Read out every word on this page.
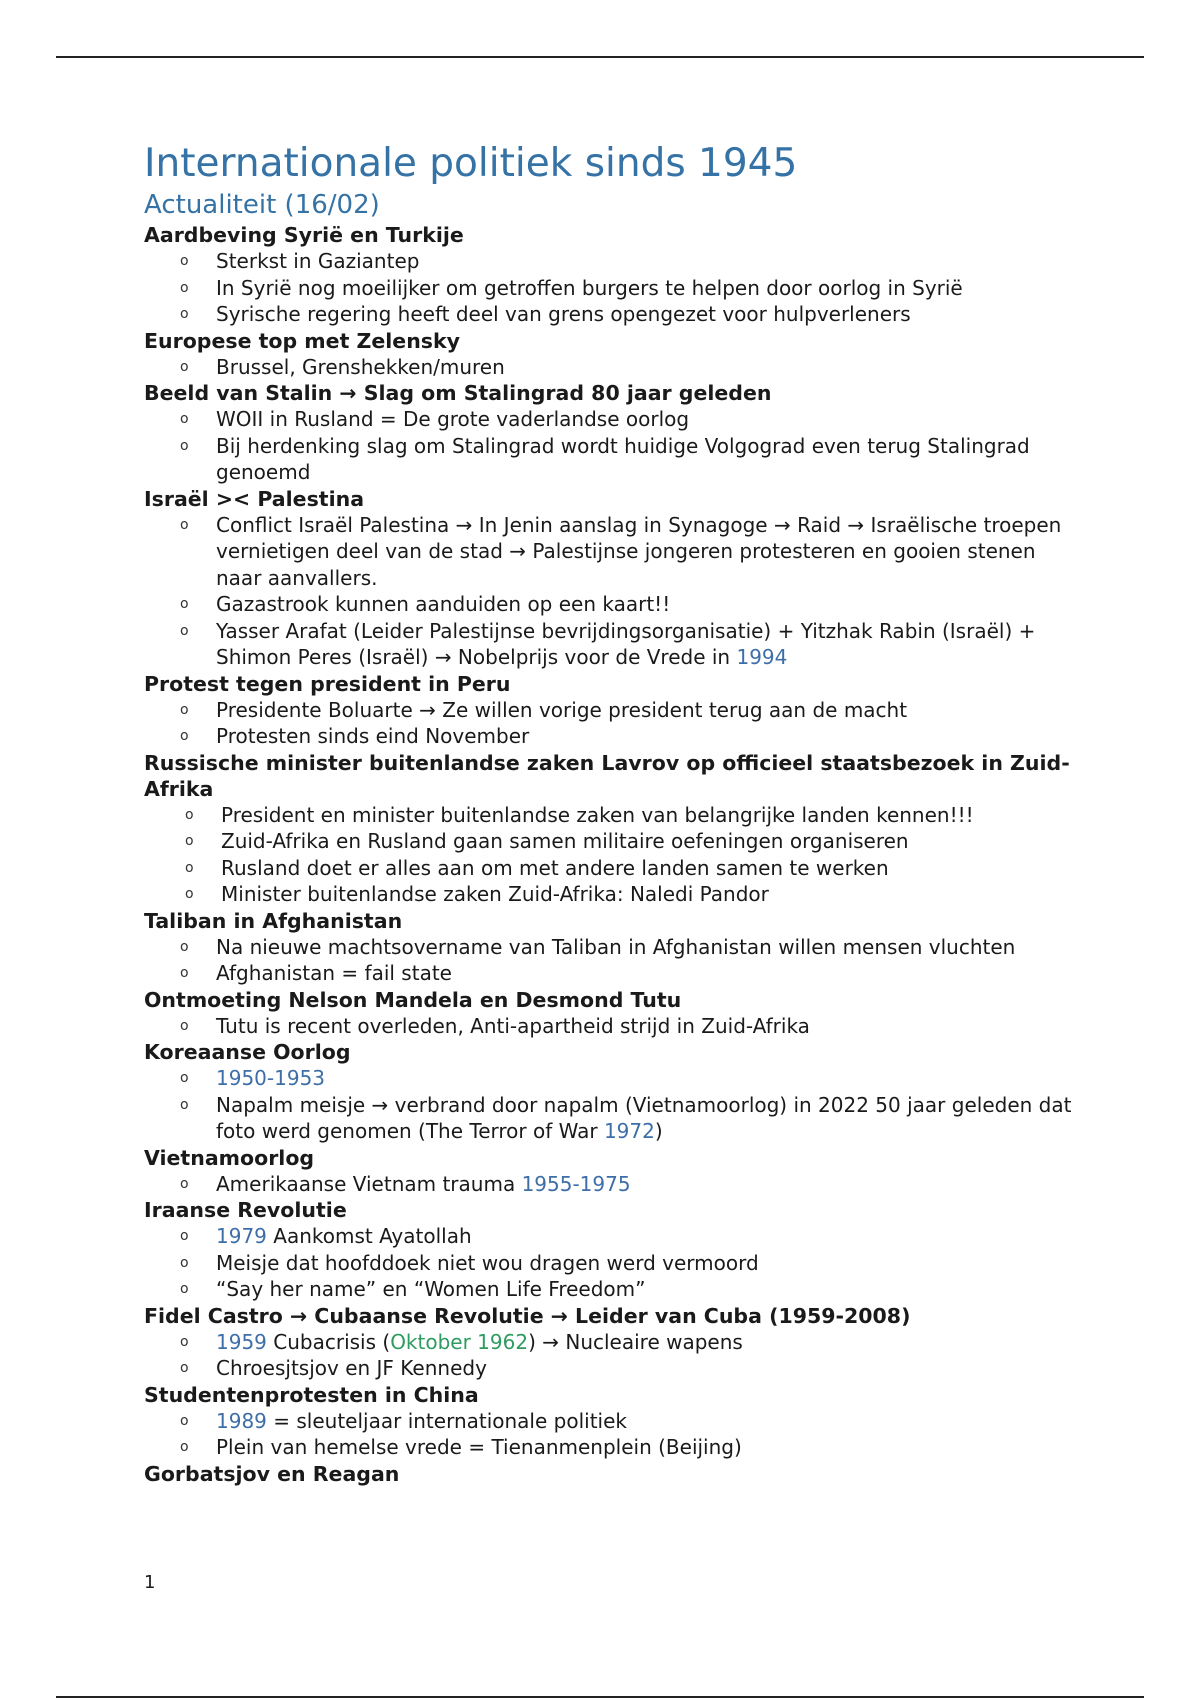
Internationale politiek sinds 1945
Actualiteit (16/02)
Aardbeving Syrië en Turkije
o Sterkst in Gaziantep
o In Syrië nog moeilijker om getroffen burgers te helpen door oorlog in Syrië
o Syrische regering heeft deel van grens opengezet voor hulpverleners
Europese top met Zelensky
o Brussel, Grenshekken/muren
Beeld van Stalin → Slag om Stalingrad 80 jaar geleden
o WOII in Rusland = De grote vaderlandse oorlog
o Bij herdenking slag om Stalingrad wordt huidige Volgograd even terug Stalingrad genoemd
Israël >< Palestina
o Conflict Israël Palestina → In Jenin aanslag in Synagoge → Raid → Israëlische troepen vernietigen deel van de stad → Palestijnse jongeren protesteren en gooien stenen naar aanvallers.
o Gazastrook kunnen aanduiden op een kaart!!
o Yasser Arafat (Leider Palestijnse bevrijdingsorganisatie) + Yitzhak Rabin (Israël) + Shimon Peres (Israël) → Nobelprijs voor de Vrede in 1994
Protest tegen president in Peru
o Presidente Boluarte → Ze willen vorige president terug aan de macht
o Protesten sinds eind November
Russische minister buitenlandse zaken Lavrov op officieel staatsbezoek in Zuid-Afrika
o President en minister buitenlandse zaken van belangrijke landen kennen!!!
o Zuid-Afrika en Rusland gaan samen militaire oefeningen organiseren
o Rusland doet er alles aan om met andere landen samen te werken
o Minister buitenlandse zaken Zuid-Afrika: Naledi Pandor
Taliban in Afghanistan
o Na nieuwe machtsovername van Taliban in Afghanistan willen mensen vluchten
o Afghanistan = fail state
Ontmoeting Nelson Mandela en Desmond Tutu
o Tutu is recent overleden, Anti-apartheid strijd in Zuid-Afrika
Koreaanse Oorlog
o 1950-1953
o Napalm meisje → verbrand door napalm (Vietnamoorlog) in 2022 50 jaar geleden dat foto werd genomen (The Terror of War 1972)
Vietnamoorlog
o Amerikaanse Vietnam trauma 1955-1975
Iraanse Revolutie
o 1979 Aankomst Ayatollah
o Meisje dat hoofddoek niet wou dragen werd vermoord
o “Say her name” en “Women Life Freedom”
Fidel Castro → Cubaanse Revolutie → Leider van Cuba (1959-2008)
o 1959 Cubacrisis (Oktober 1962) → Nucleaire wapens
o Chroesjtsjov en JF Kennedy
Studentenprotesten in China
o 1989 = sleuteljaar internationale politiek
o Plein van hemelse vrede = Tienanmenplein (Beijing)
Gorbatsjov en Reagan
1
